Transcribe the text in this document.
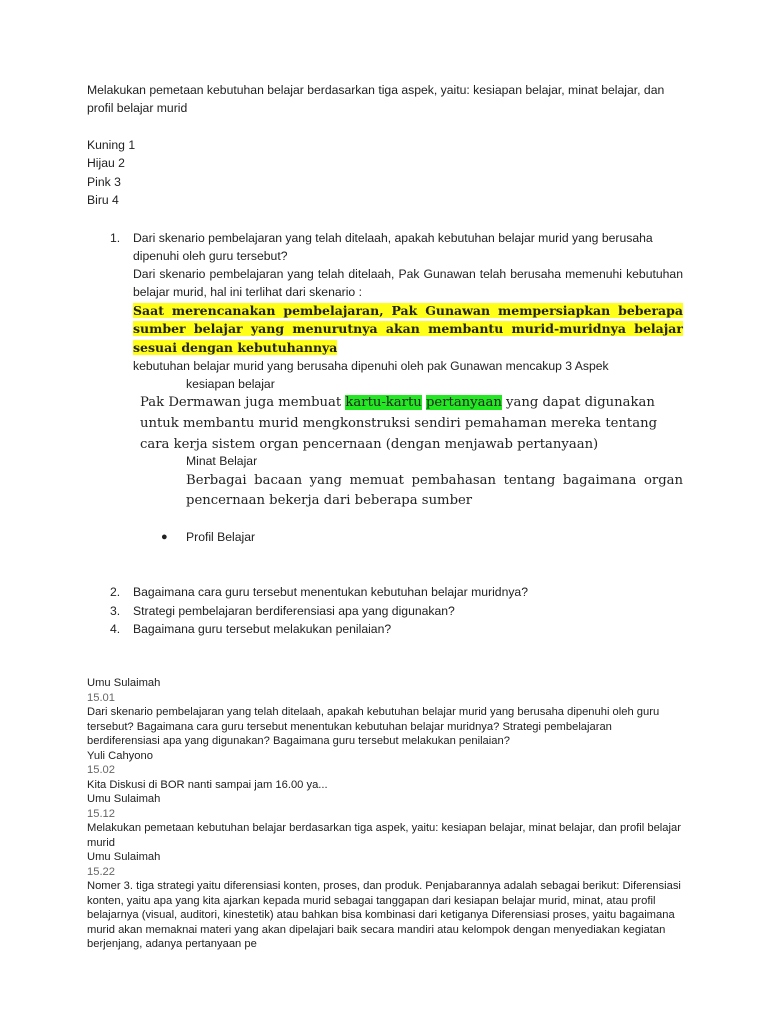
Melakukan pemetaan kebutuhan belajar berdasarkan tiga aspek, yaitu: kesiapan belajar, minat belajar, dan profil belajar murid
Kuning 1
Hijau 2
Pink 3
Biru 4
1. Dari skenario pembelajaran yang telah ditelaah, apakah kebutuhan belajar murid yang berusaha dipenuhi oleh guru tersebut?
Dari skenario pembelajaran yang telah ditelaah, Pak Gunawan telah berusaha memenuhi kebutuhan belajar murid, hal ini terlihat dari skenario :
Saat merencanakan pembelajaran, Pak Gunawan mempersiapkan beberapa sumber belajar yang menurutnya akan membantu murid-muridnya belajar sesuai dengan kebutuhannya
kebutuhan belajar murid yang berusaha dipenuhi oleh pak Gunawan mencakup 3 Aspek
kesiapan belajar
Pak Dermawan juga membuat kartu-kartu pertanyaan yang dapat digunakan untuk membantu murid mengkonstruksi sendiri pemahaman mereka tentang cara kerja sistem organ pencernaan (dengan menjawab pertanyaan)
Minat Belajar
Berbagai bacaan yang memuat pembahasan tentang bagaimana organ pencernaan bekerja dari beberapa sumber
● Profil Belajar
2. Bagaimana cara guru tersebut menentukan kebutuhan belajar muridnya?
3. Strategi pembelajaran berdiferensiasi apa yang digunakan?
4. Bagaimana guru tersebut melakukan penilaian?
Umu Sulaimah
15.01
Dari skenario pembelajaran yang telah ditelaah, apakah kebutuhan belajar murid yang berusaha dipenuhi oleh guru tersebut? Bagaimana cara guru tersebut menentukan kebutuhan belajar muridnya? Strategi pembelajaran berdiferensiasi apa yang digunakan? Bagaimana guru tersebut melakukan penilaian?
Yuli Cahyono
15.02
Kita Diskusi di BOR nanti sampai jam 16.00 ya...
Umu Sulaimah
15.12
Melakukan pemetaan kebutuhan belajar berdasarkan tiga aspek, yaitu: kesiapan belajar, minat belajar, dan profil belajar murid
Umu Sulaimah
15.22
Nomer 3. tiga strategi yaitu diferensiasi konten, proses, dan produk. Penjabarannya adalah sebagai berikut: Diferensiasi konten, yaitu apa yang kita ajarkan kepada murid sebagai tanggapan dari kesiapan belajar murid, minat, atau profil belajarnya (visual, auditori, kinestetik) atau bahkan bisa kombinasi dari ketiganya Diferensiasi proses, yaitu bagaimana murid akan memaknai materi yang akan dipelajari baik secara mandiri atau kelompok dengan menyediakan kegiatan berjenjang, adanya pertanyaan pe
